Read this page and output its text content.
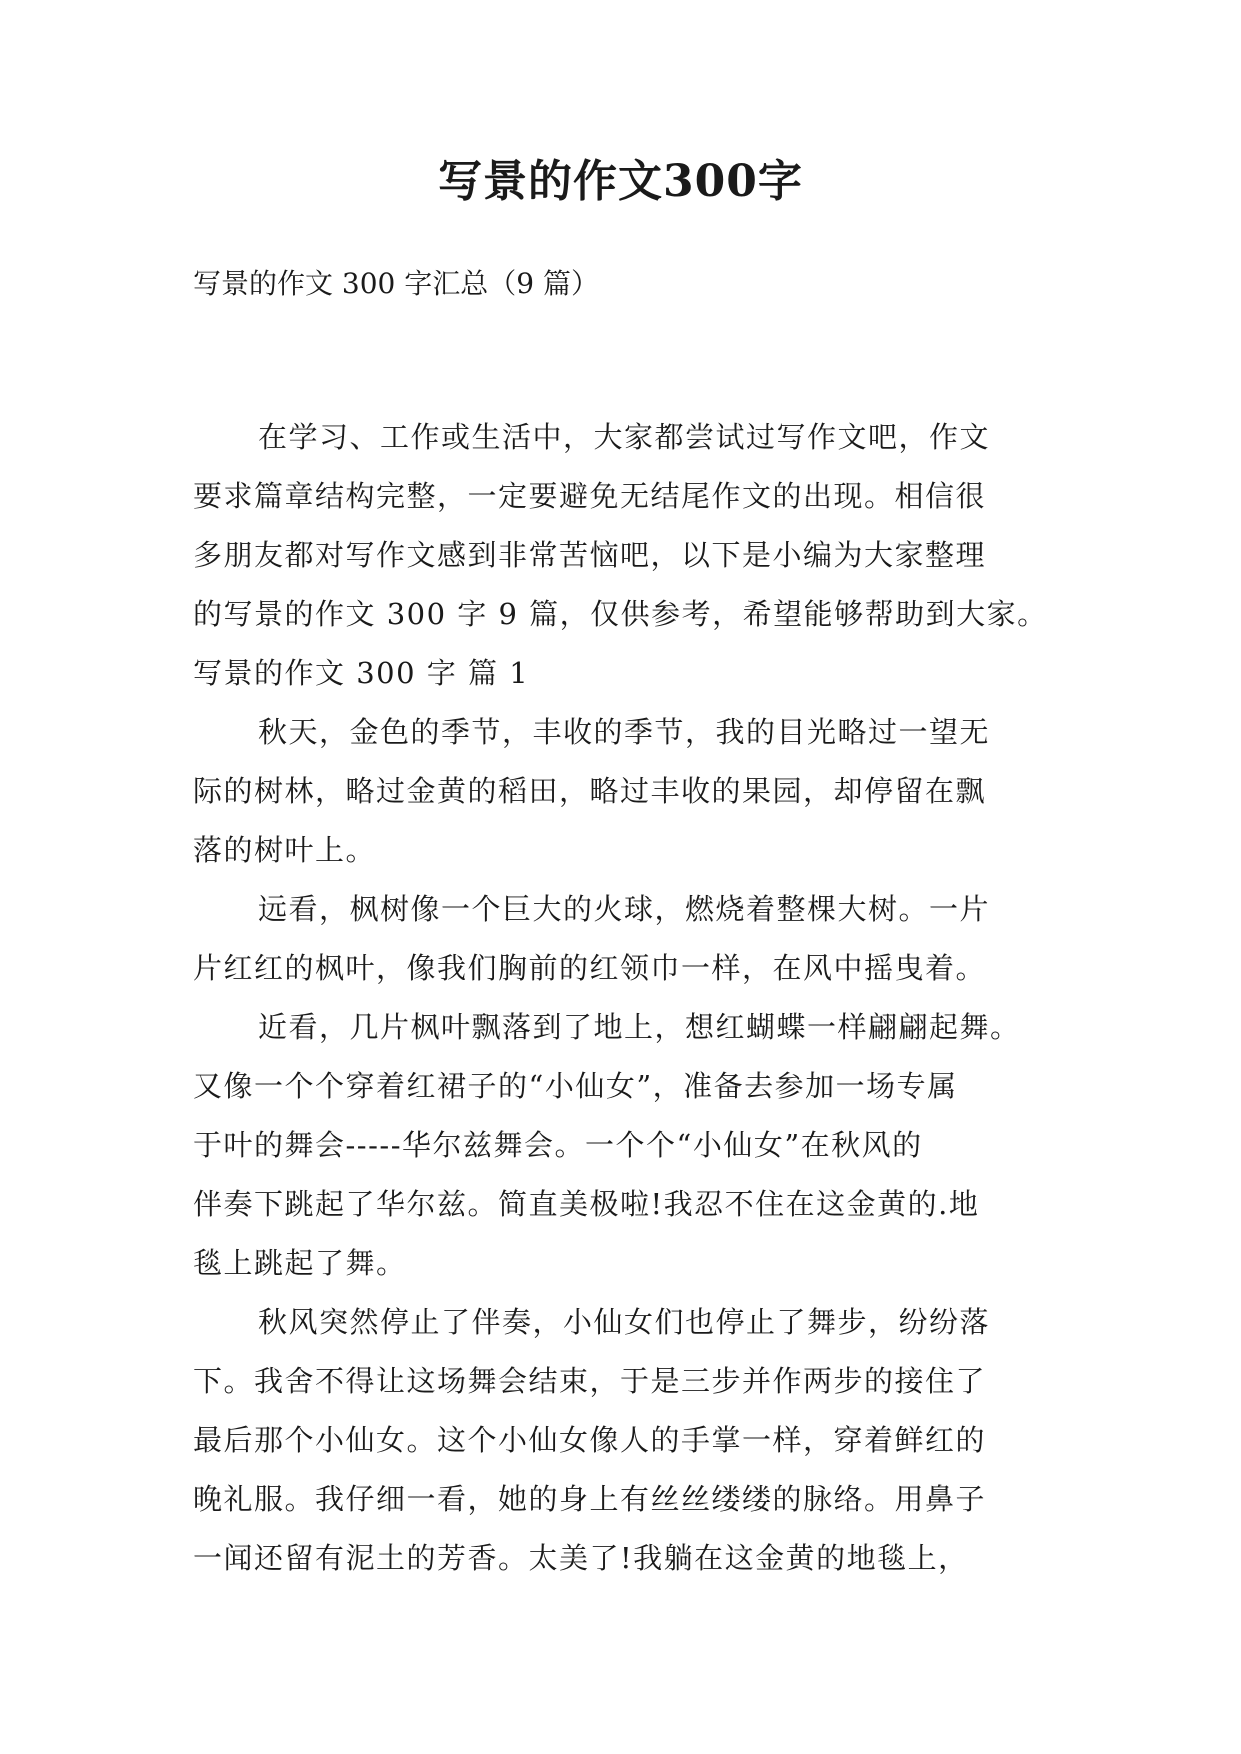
写景的作文300字

写景的作文 300 字汇总（9 篇）

在学习、工作或生活中，大家都尝试过写作文吧，作文

要求篇章结构完整，一定要避免无结尾作文的出现。相信很

多朋友都对写作文感到非常苦恼吧，以下是小编为大家整理

的写景的作文 300 字 9 篇，仅供参考，希望能够帮助到大家。

写景的作文 300 字 篇 1

秋天，金色的季节，丰收的季节，我的目光略过一望无

际的树林，略过金黄的稻田，略过丰收的果园，却停留在飘

落的树叶上。

远看，枫树像一个巨大的火球，燃烧着整棵大树。一片

片红红的枫叶，像我们胸前的红领巾一样，在风中摇曳着。

近看，几片枫叶飘落到了地上，想红蝴蝶一样翩翩起舞。

又像一个个穿着红裙子的“小仙女”，准备去参加一场专属

于叶的舞会-----华尔兹舞会。一个个“小仙女”在秋风的

伴奏下跳起了华尔兹。简直美极啦!我忍不住在这金黄的.地

毯上跳起了舞。

秋风突然停止了伴奏，小仙女们也停止了舞步，纷纷落

下。我舍不得让这场舞会结束，于是三步并作两步的接住了

最后那个小仙女。这个小仙女像人的手掌一样，穿着鲜红的

晚礼服。我仔细一看，她的身上有丝丝缕缕的脉络。用鼻子

一闻还留有泥土的芳香。太美了!我躺在这金黄的地毯上，
